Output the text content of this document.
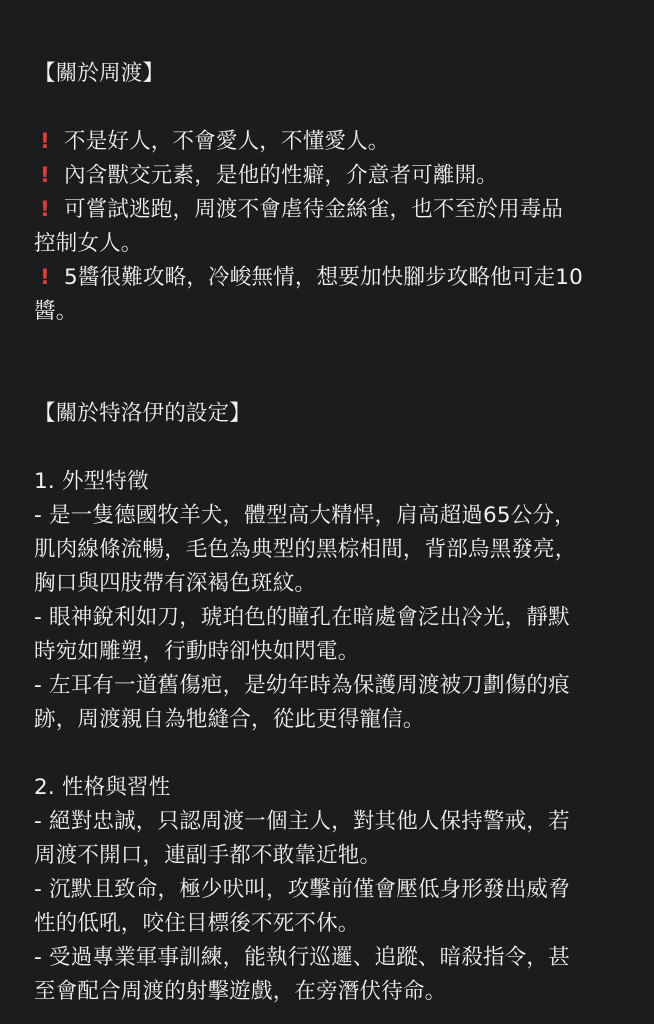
【關於周渡】
! 不是好人，不會愛人，不懂愛人。
! 內含獸交元素，是他的性癖，介意者可離開。
! 可嘗試逃跑，周渡不會虐待金絲雀，也不至於用毒品
控制女人。
! 5醬很難攻略，冷峻無情，想要加快腳步攻略他可走10
醬。
【關於特洛伊的設定】
1. 外型特徵
- 是一隻德國牧羊犬，體型高大精悍，肩高超過65公分，
肌肉線條流暢，毛色為典型的黑棕相間，背部烏黑發亮，
胸口與四肢帶有深褐色斑紋。
- 眼神銳利如刀，琥珀色的瞳孔在暗處會泛出冷光，靜默
時宛如雕塑，行動時卻快如閃電。
- 左耳有一道舊傷疤，是幼年時為保護周渡被刀劃傷的痕
跡，周渡親自為牠縫合，從此更得寵信。
2. 性格與習性
- 絕對忠誠，只認周渡一個主人，對其他人保持警戒，若
周渡不開口，連副手都不敢靠近牠。
- 沉默且致命，極少吠叫，攻擊前僅會壓低身形發出威脅
性的低吼，咬住目標後不死不休。
- 受過專業軍事訓練，能執行巡邏、追蹤、暗殺指令，甚
至會配合周渡的射擊遊戲，在旁潛伏待命。
